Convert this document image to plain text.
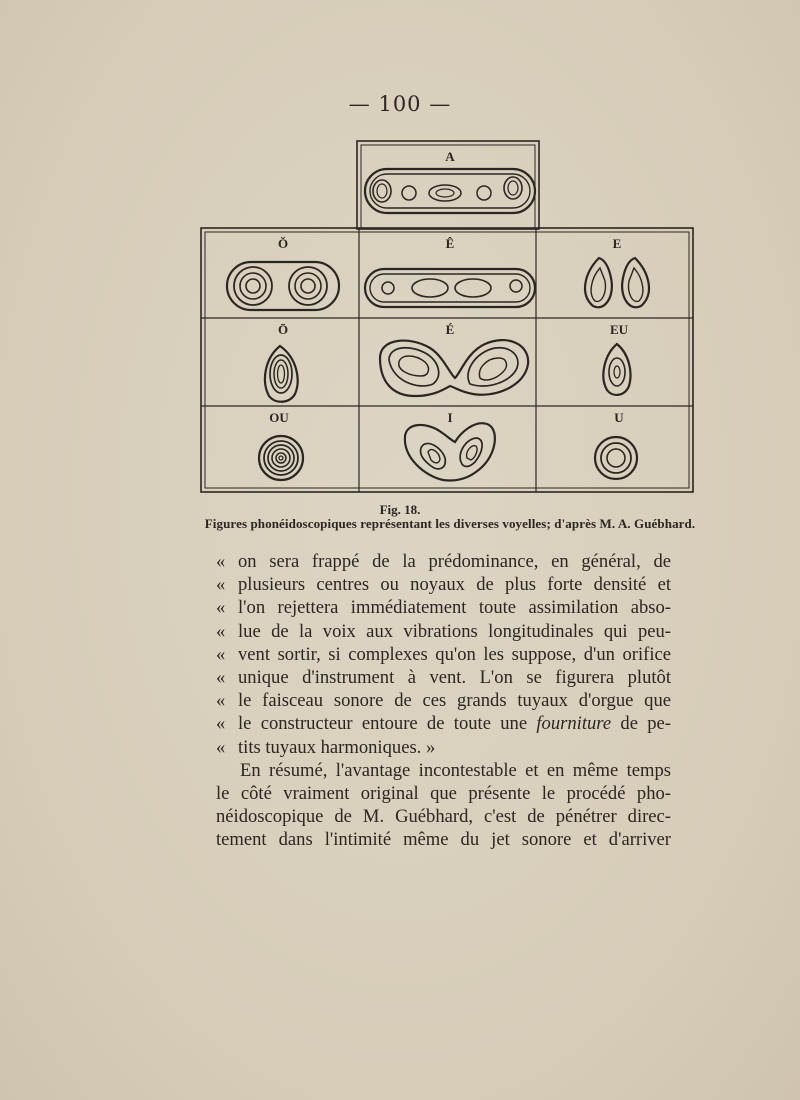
— 100 —
A
Ŏ	Ê	E
Ō	É	EU
OU	I	U
Fig. 18.
Figures phonéidoscopiques représentant les diverses voyelles; d'après M. A. Guébhard.
« on sera frappé de la prédominance, en général, de
« plusieurs centres ou noyaux de plus forte densité et
« l'on rejettera immédiatement toute assimilation abso-
« lue de la voix aux vibrations longitudinales qui peu-
« vent sortir, si complexes qu'on les suppose, d'un orifice
« unique d'instrument à vent. L'on se figurera plutôt
« le faisceau sonore de ces grands tuyaux d'orgue que
« le constructeur entoure de toute une fourniture de pe-
« tits tuyaux harmoniques. »
En résumé, l'avantage incontestable et en même temps
le côté vraiment original que présente le procédé pho-
néidoscopique de M. Guébhard, c'est de pénétrer direc-
tement dans l'intimité même du jet sonore et d'arriver
